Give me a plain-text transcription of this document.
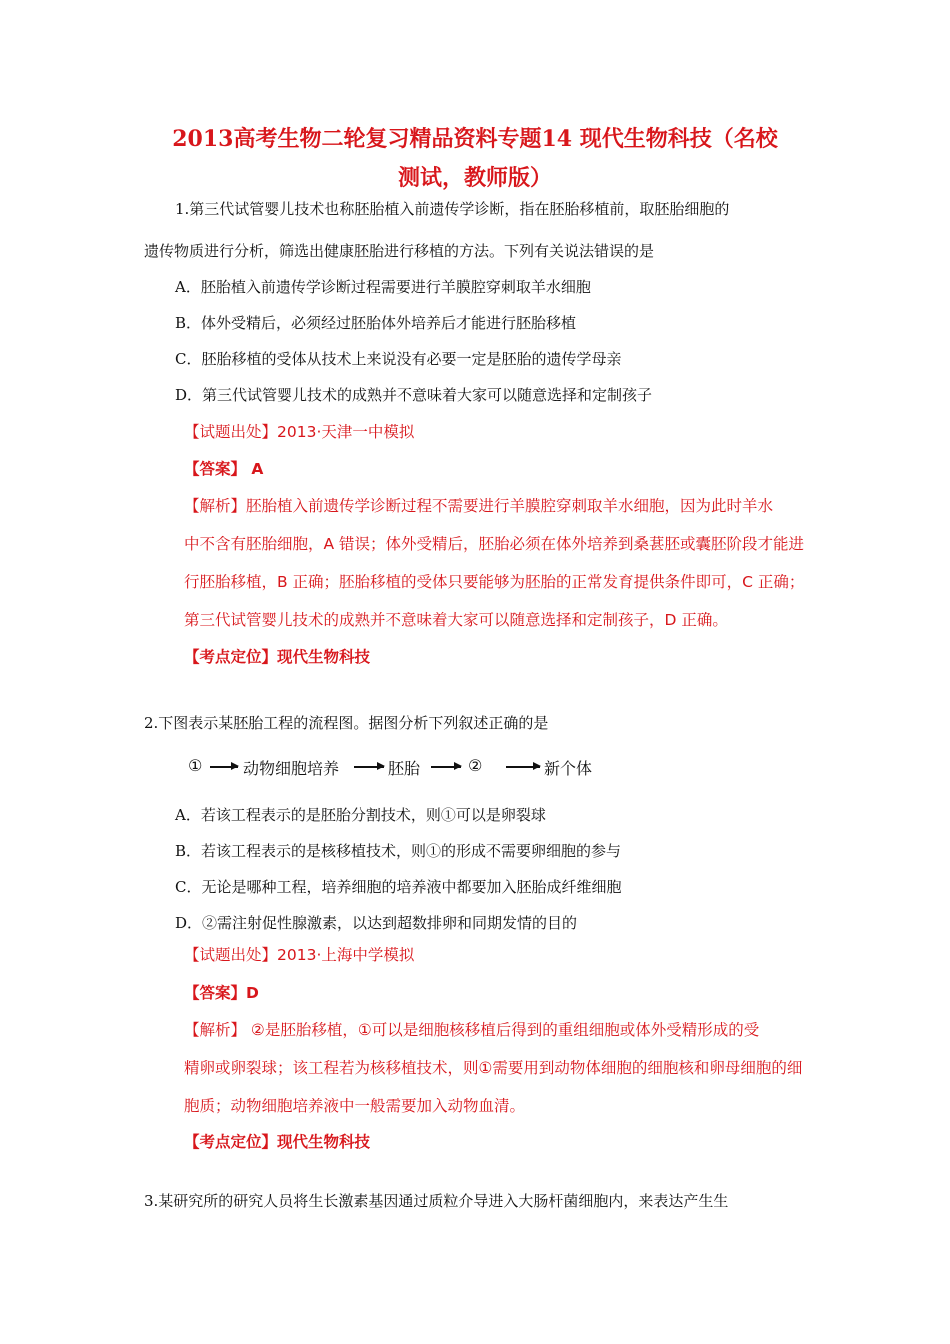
2013高考生物二轮复习精品资料专题14 现代生物科技（名校
测试，教师版）
1.第三代试管婴儿技术也称胚胎植入前遗传学诊断，指在胚胎移植前，取胚胎细胞的
遗传物质进行分析，筛选出健康胚胎进行移植的方法。下列有关说法错误的是
A．胚胎植入前遗传学诊断过程需要进行羊膜腔穿刺取羊水细胞
B．体外受精后，必须经过胚胎体外培养后才能进行胚胎移植
C．胚胎移植的受体从技术上来说没有必要一定是胚胎的遗传学母亲
D．第三代试管婴儿技术的成熟并不意味着大家可以随意选择和定制孩子
【试题出处】2013·天津一中模拟
【答案】 A
【解析】胚胎植入前遗传学诊断过程不需要进行羊膜腔穿刺取羊水细胞，因为此时羊水
中不含有胚胎细胞，A 错误；体外受精后，胚胎必须在体外培养到桑葚胚或囊胚阶段才能进
行胚胎移植，B 正确；胚胎移植的受体只要能够为胚胎的正常发育提供条件即可，C 正确；
第三代试管婴儿技术的成熟并不意味着大家可以随意选择和定制孩子，D 正确。
【考点定位】现代生物科技
2.下图表示某胚胎工程的流程图。据图分析下列叙述正确的是
①	动物细胞培养	胚胎	②	新个体
A．若该工程表示的是胚胎分割技术，则①可以是卵裂球
B．若该工程表示的是核移植技术，则①的形成不需要卵细胞的参与
C．无论是哪种工程，培养细胞的培养液中都要加入胚胎成纤维细胞
D．②需注射促性腺激素，以达到超数排卵和同期发情的目的
【试题出处】2013·上海中学模拟
【答案】D
【解析】 ②是胚胎移植，①可以是细胞核移植后得到的重组细胞或体外受精形成的受
精卵或卵裂球；该工程若为核移植技术，则①需要用到动物体细胞的细胞核和卵母细胞的细
胞质；动物细胞培养液中一般需要加入动物血清。
【考点定位】现代生物科技
3.某研究所的研究人员将生长激素基因通过质粒介导进入大肠杆菌细胞内，来表达产生生
